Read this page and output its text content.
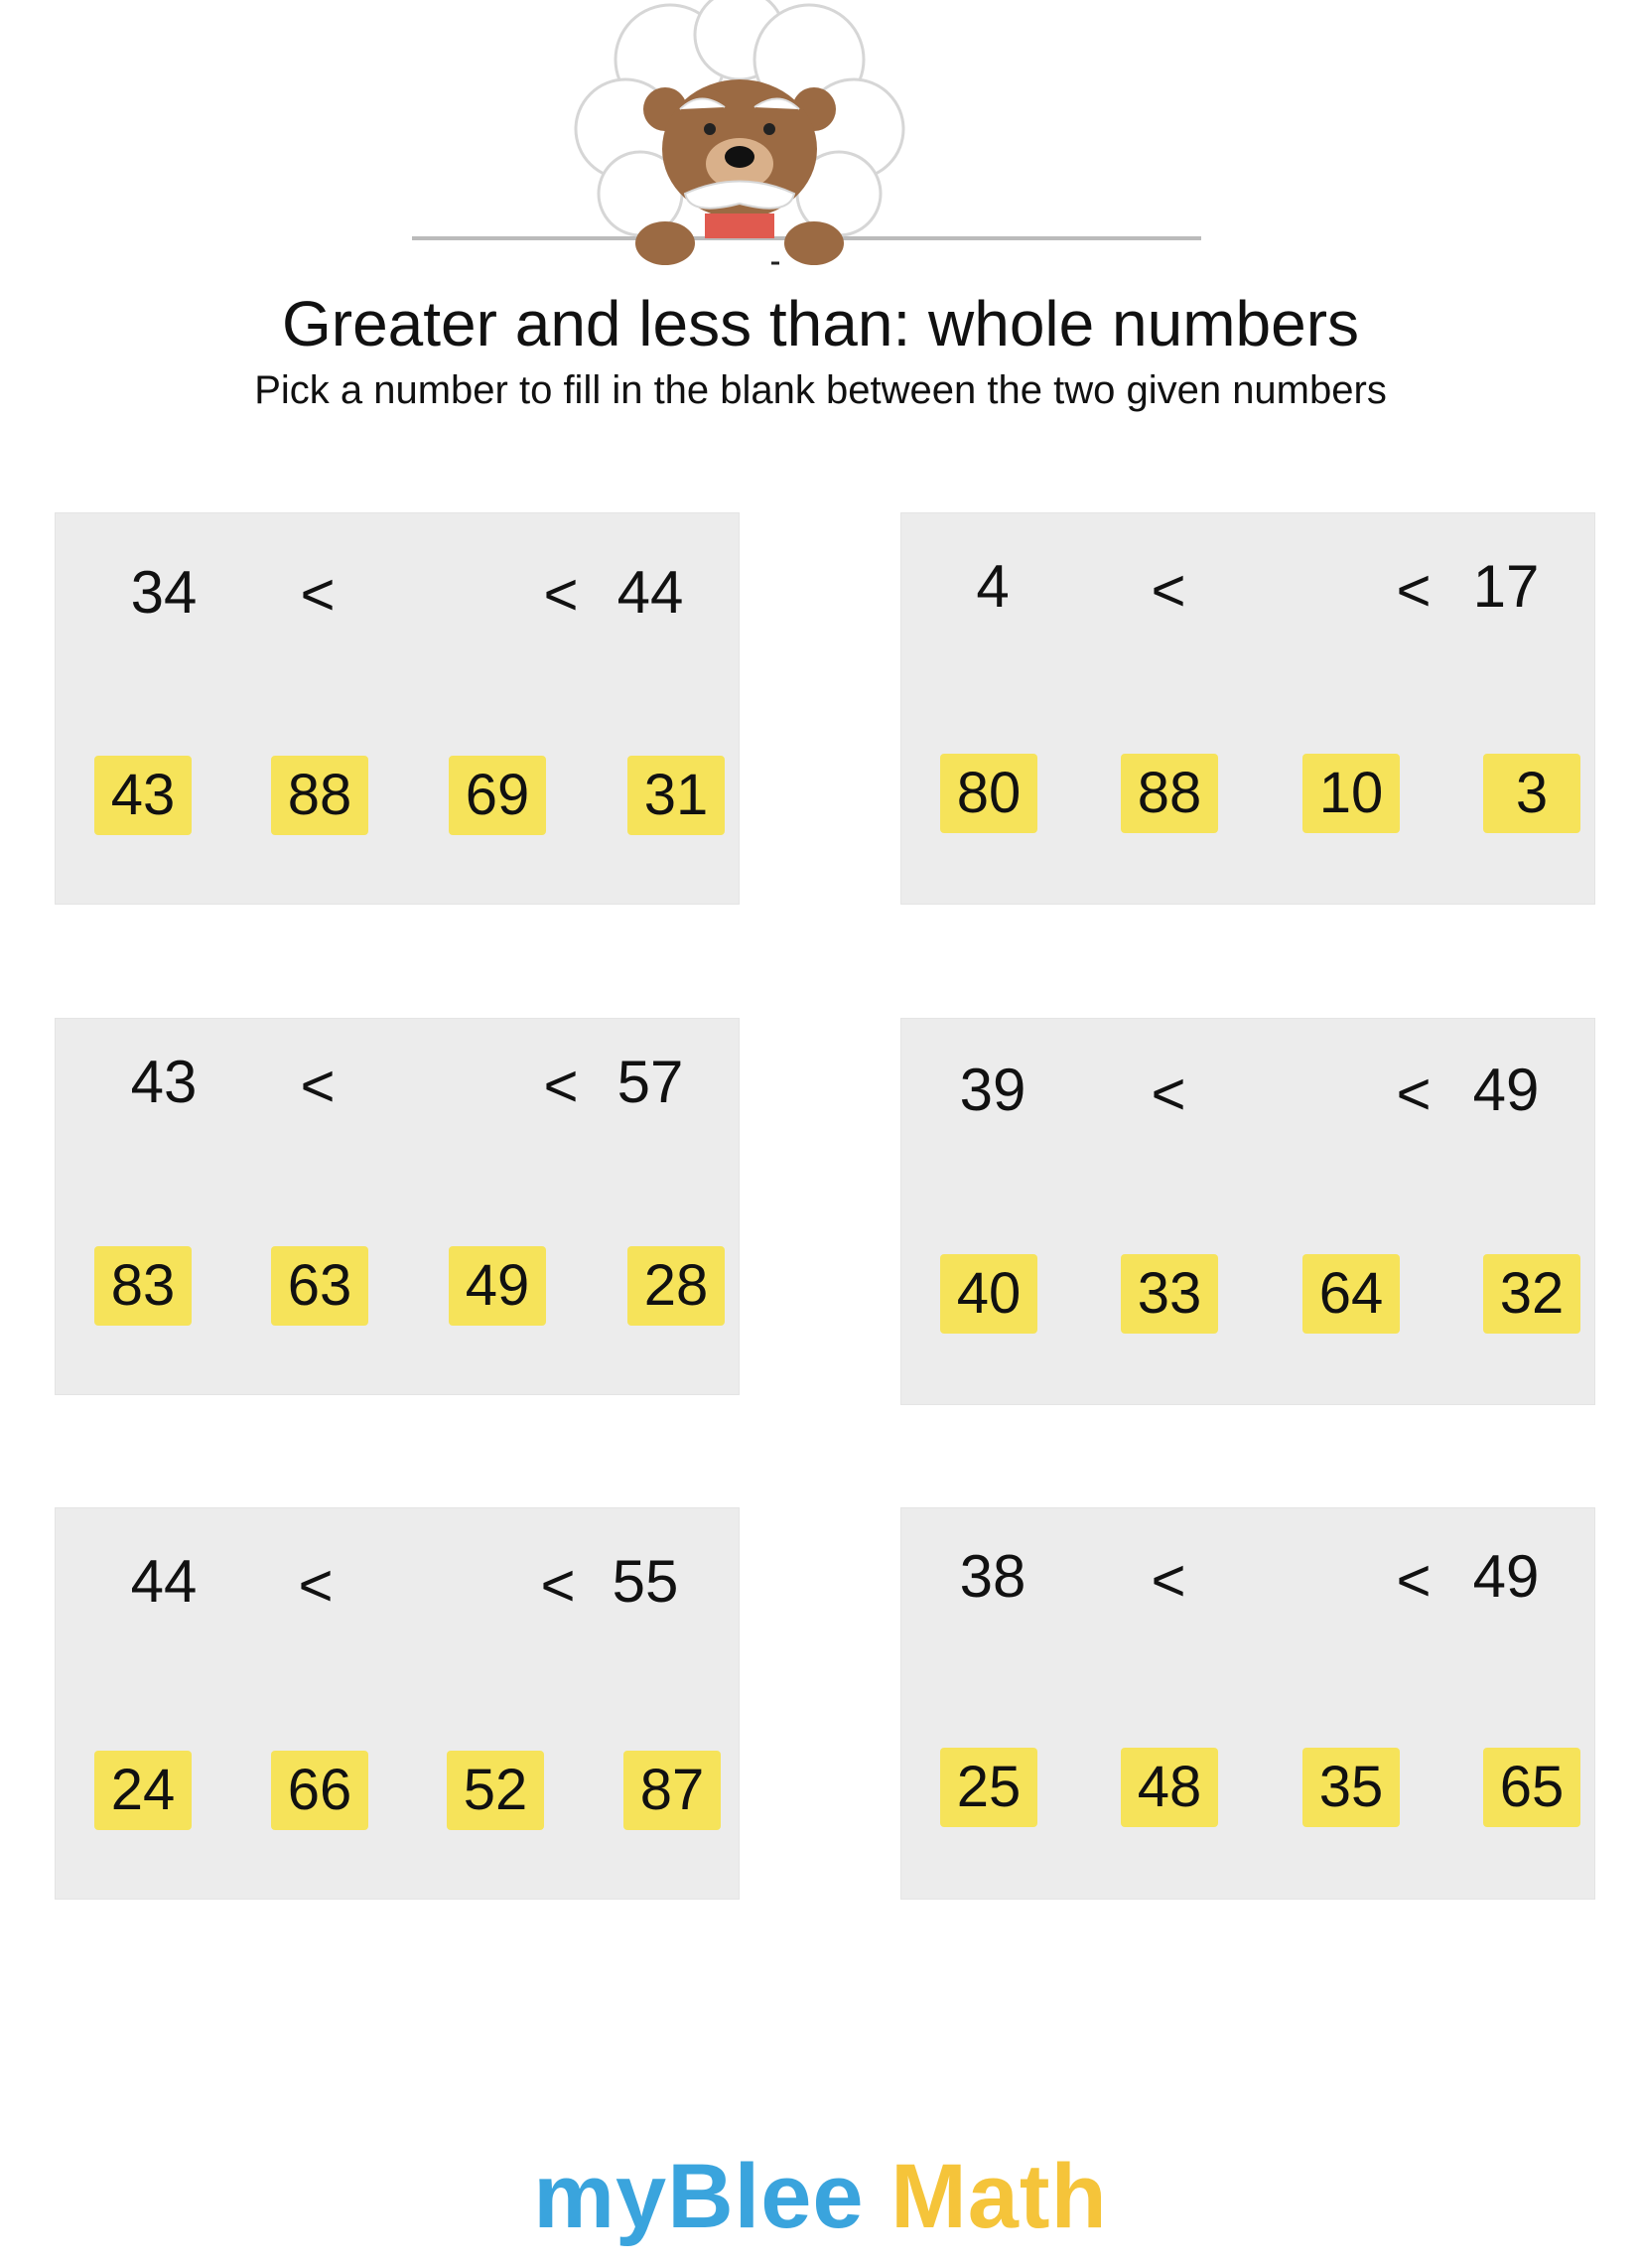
Greater and less than: whole numbers
Pick a number to fill in the blank between the two given numbers
34	<	< 44
43 88 69 31
4	<	< 17
80 88 10	3
43	<	< 57
83 63 49 28
39	<	< 49
40 33 64 32
44	<	< 55
24 66 52 87
38	<	< 49
25 48 35 65
myBlee Math
